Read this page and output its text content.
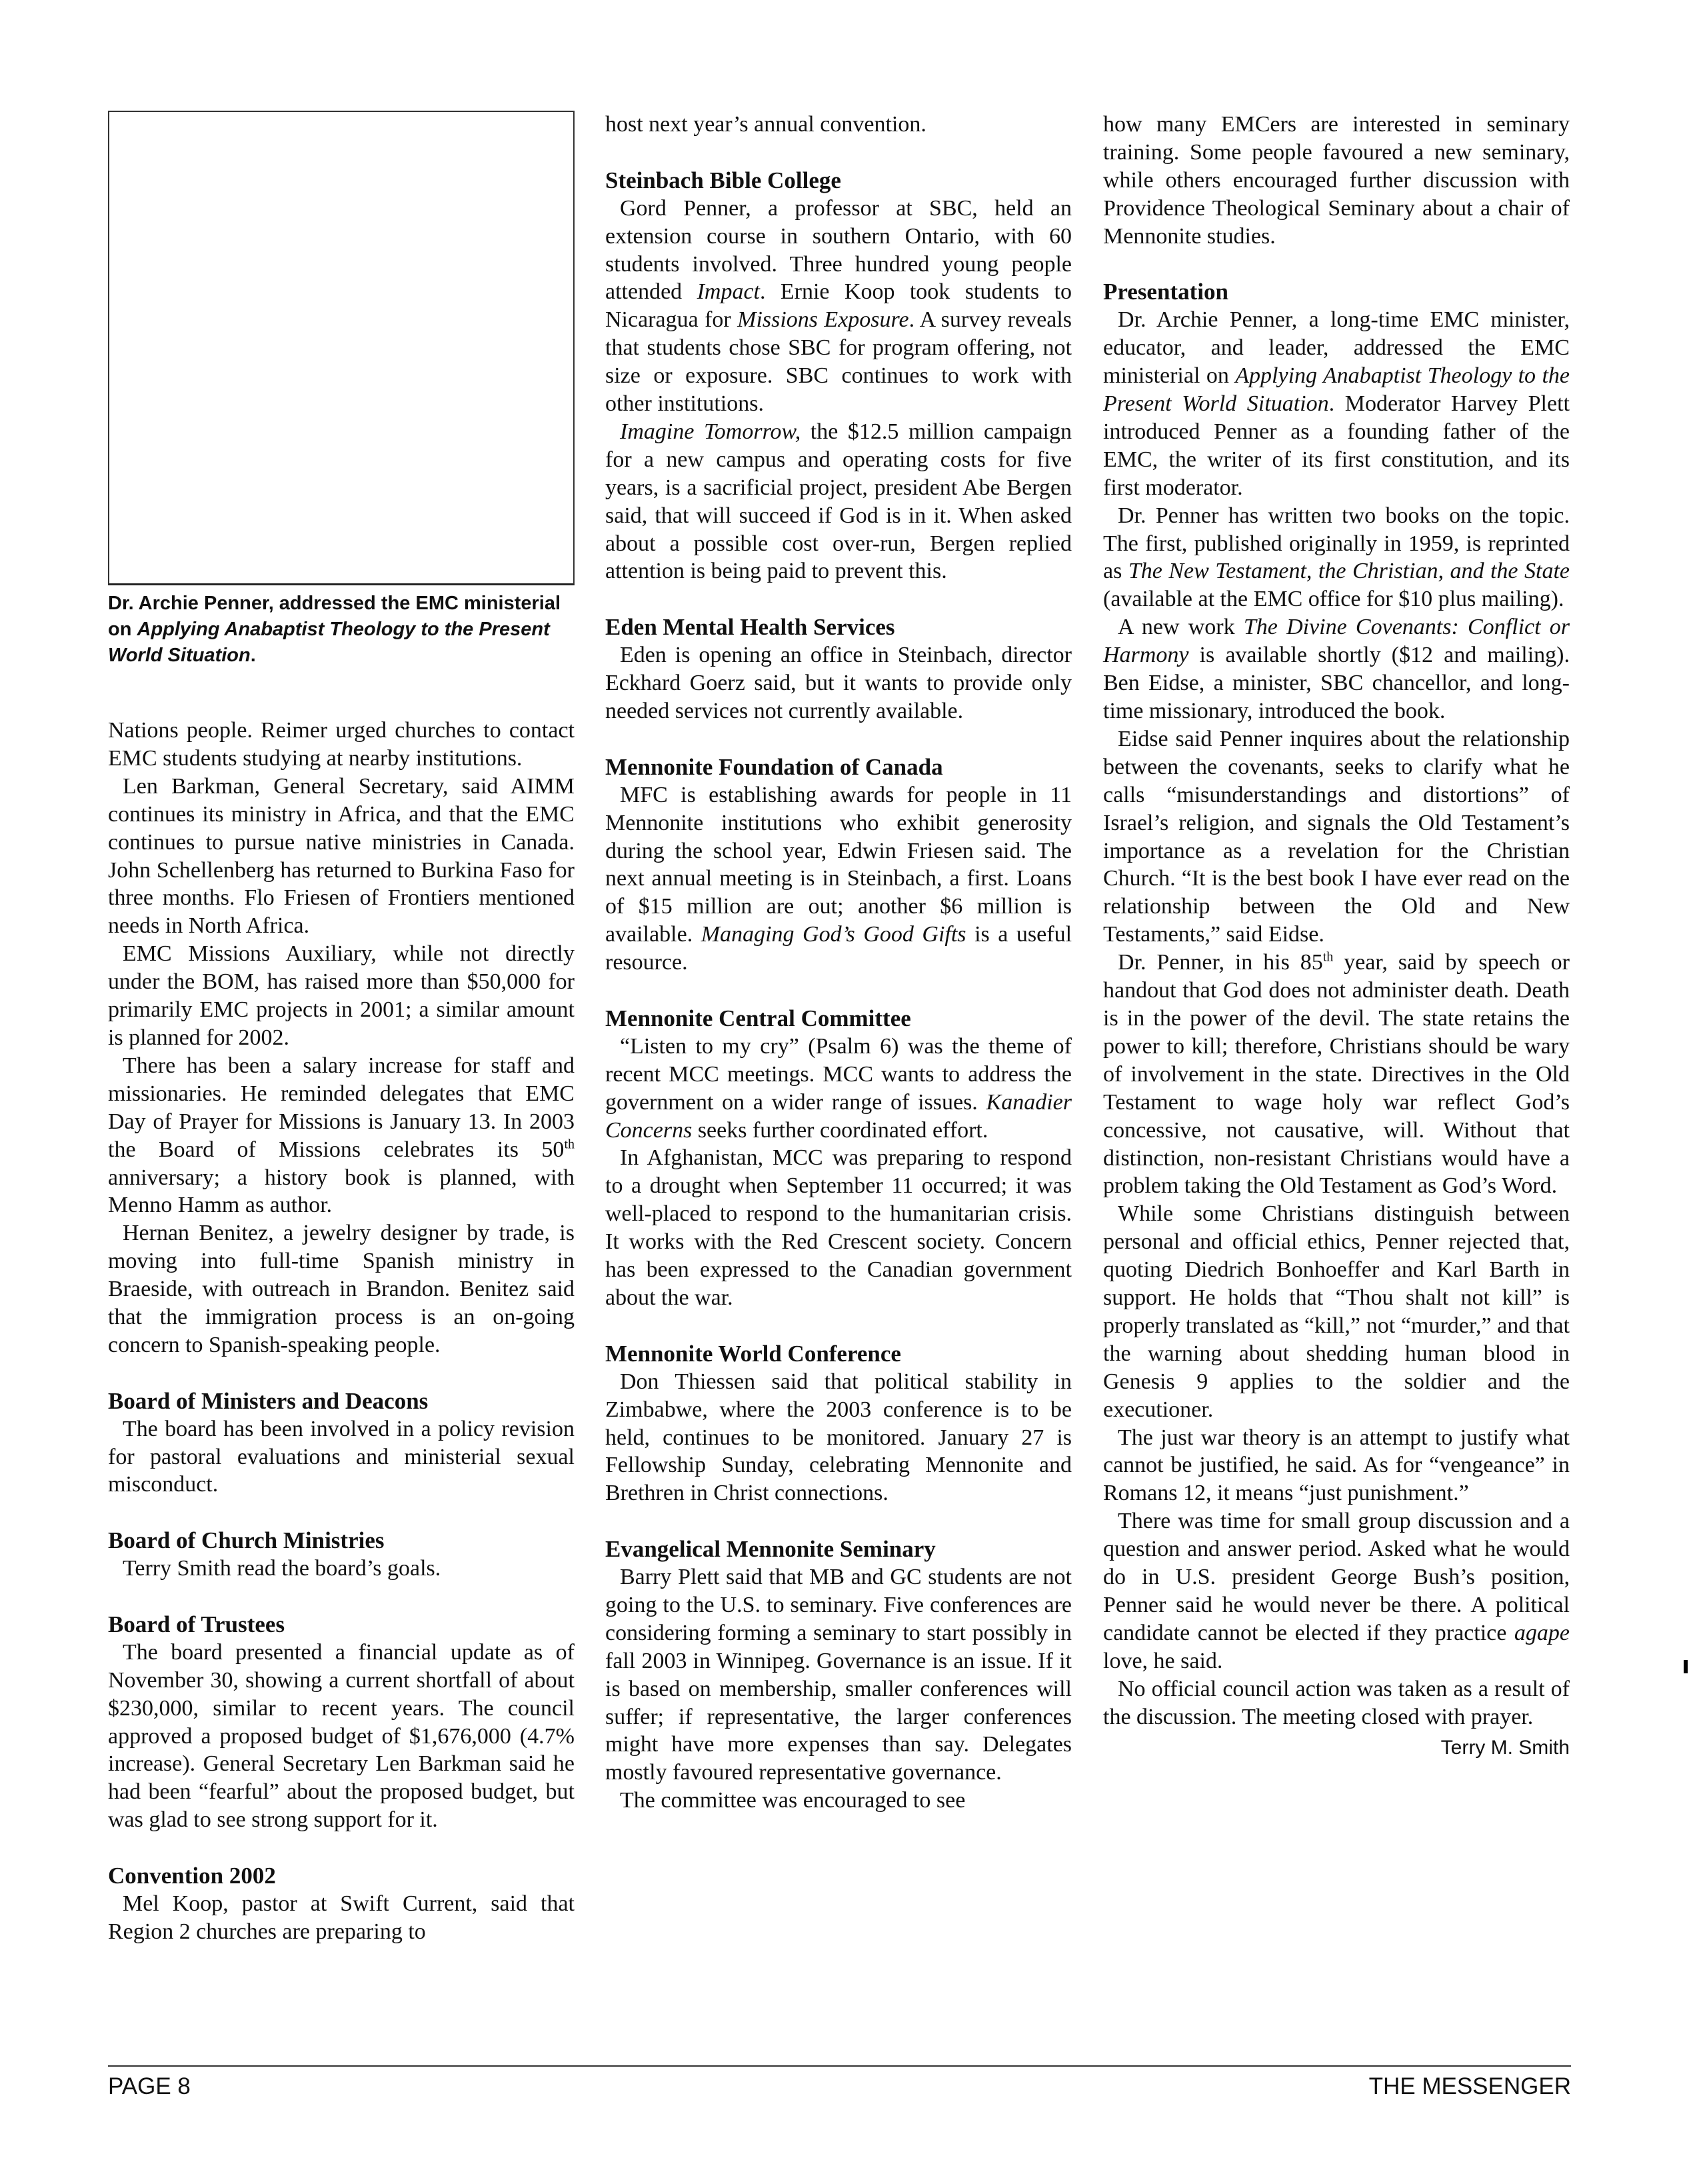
Dr. Archie Penner, addressed the EMC ministerial on Applying Anabaptist Theology to the Present World Situation.

Nations people. Reimer urged churches to contact EMC students studying at nearby institutions.

Len Barkman, General Secretary, said AIMM continues its ministry in Africa, and that the EMC continues to pursue native ministries in Canada. John Schellenberg has returned to Burkina Faso for three months. Flo Friesen of Frontiers mentioned needs in North Africa.

EMC Missions Auxiliary, while not directly under the BOM, has raised more than $50,000 for primarily EMC projects in 2001; a similar amount is planned for 2002.

There has been a salary increase for staff and missionaries. He reminded delegates that EMC Day of Prayer for Missions is January 13. In 2003 the Board of Missions celebrates its 50th anniversary; a history book is planned, with Menno Hamm as author.

Hernan Benitez, a jewelry designer by trade, is moving into full-time Spanish ministry in Braeside, with outreach in Brandon. Benitez said that the immigration process is an on-going concern to Spanish-speaking people.

Board of Ministers and Deacons

The board has been involved in a policy revision for pastoral evaluations and ministerial sexual misconduct.

Board of Church Ministries

Terry Smith read the board’s goals.

Board of Trustees

The board presented a financial update as of November 30, showing a current shortfall of about $230,000, similar to recent years. The council approved a proposed budget of $1,676,000 (4.7% increase). General Secretary Len Barkman said he had been “fearful” about the proposed budget, but was glad to see strong support for it.

Convention 2002

Mel Koop, pastor at Swift Current, said that Region 2 churches are preparing to

host next year’s annual convention.

Steinbach Bible College

Gord Penner, a professor at SBC, held an extension course in southern Ontario, with 60 students involved. Three hundred young people attended Impact. Ernie Koop took students to Nicaragua for Missions Exposure. A survey reveals that students chose SBC for program offering, not size or exposure. SBC continues to work with other institutions.

Imagine Tomorrow, the $12.5 million campaign for a new campus and operating costs for five years, is a sacrificial project, president Abe Bergen said, that will succeed if God is in it. When asked about a possible cost over-run, Bergen replied attention is being paid to prevent this.

Eden Mental Health Services

Eden is opening an office in Steinbach, director Eckhard Goerz said, but it wants to provide only needed services not currently available.

Mennonite Foundation of Canada

MFC is establishing awards for people in 11 Mennonite institutions who exhibit generosity during the school year, Edwin Friesen said. The next annual meeting is in Steinbach, a first. Loans of $15 million are out; another $6 million is available. Managing God’s Good Gifts is a useful resource.

Mennonite Central Committee

“Listen to my cry” (Psalm 6) was the theme of recent MCC meetings. MCC wants to address the government on a wider range of issues. Kanadier Concerns seeks further coordinated effort.

In Afghanistan, MCC was preparing to respond to a drought when September 11 occurred; it was well-placed to respond to the humanitarian crisis. It works with the Red Crescent society. Concern has been expressed to the Canadian government about the war.

Mennonite World Conference

Don Thiessen said that political stability in Zimbabwe, where the 2003 conference is to be held, continues to be monitored. January 27 is Fellowship Sunday, celebrating Mennonite and Brethren in Christ connections.

Evangelical Mennonite Seminary

Barry Plett said that MB and GC students are not going to the U.S. to seminary. Five conferences are considering forming a seminary to start possibly in fall 2003 in Winnipeg. Governance is an issue. If it is based on membership, smaller conferences will suffer; if representative, the larger conferences might have more expenses than say. Delegates mostly favoured representative governance.

The committee was encouraged to see

how many EMCers are interested in seminary training. Some people favoured a new seminary, while others encouraged further discussion with Providence Theological Seminary about a chair of Mennonite studies.

Presentation

Dr. Archie Penner, a long-time EMC minister, educator, and leader, addressed the EMC ministerial on Applying Anabaptist Theology to the Present World Situation. Moderator Harvey Plett introduced Penner as a founding father of the EMC, the writer of its first constitution, and its first moderator.

Dr. Penner has written two books on the topic. The first, published originally in 1959, is reprinted as The New Testament, the Christian, and the State (available at the EMC office for $10 plus mailing).

A new work The Divine Covenants: Conflict or Harmony is available shortly ($12 and mailing). Ben Eidse, a minister, SBC chancellor, and long-time missionary, introduced the book.

Eidse said Penner inquires about the relationship between the covenants, seeks to clarify what he calls “misunderstandings and distortions” of Israel’s religion, and signals the Old Testament’s importance as a revelation for the Christian Church. “It is the best book I have ever read on the relationship between the Old and New Testaments,” said Eidse.

Dr. Penner, in his 85th year, said by speech or handout that God does not administer death. Death is in the power of the devil. The state retains the power to kill; therefore, Christians should be wary of involvement in the state. Directives in the Old Testament to wage holy war reflect God’s concessive, not causative, will. Without that distinction, non-resistant Christians would have a problem taking the Old Testament as God’s Word.

While some Christians distinguish between personal and official ethics, Penner rejected that, quoting Diedrich Bonhoeffer and Karl Barth in support. He holds that “Thou shalt not kill” is properly translated as “kill,” not “murder,” and that the warning about shedding human blood in Genesis 9 applies to the soldier and the executioner.

The just war theory is an attempt to justify what cannot be justified, he said. As for “vengeance” in Romans 12, it means “just punishment.”

There was time for small group discussion and a question and answer period. Asked what he would do in U.S. president George Bush’s position, Penner said he would never be there. A political candidate cannot be elected if they practice agape love, he said.

No official council action was taken as a result of the discussion. The meeting closed with prayer.

Terry M. Smith
PAGE 8	THE MESSENGER
